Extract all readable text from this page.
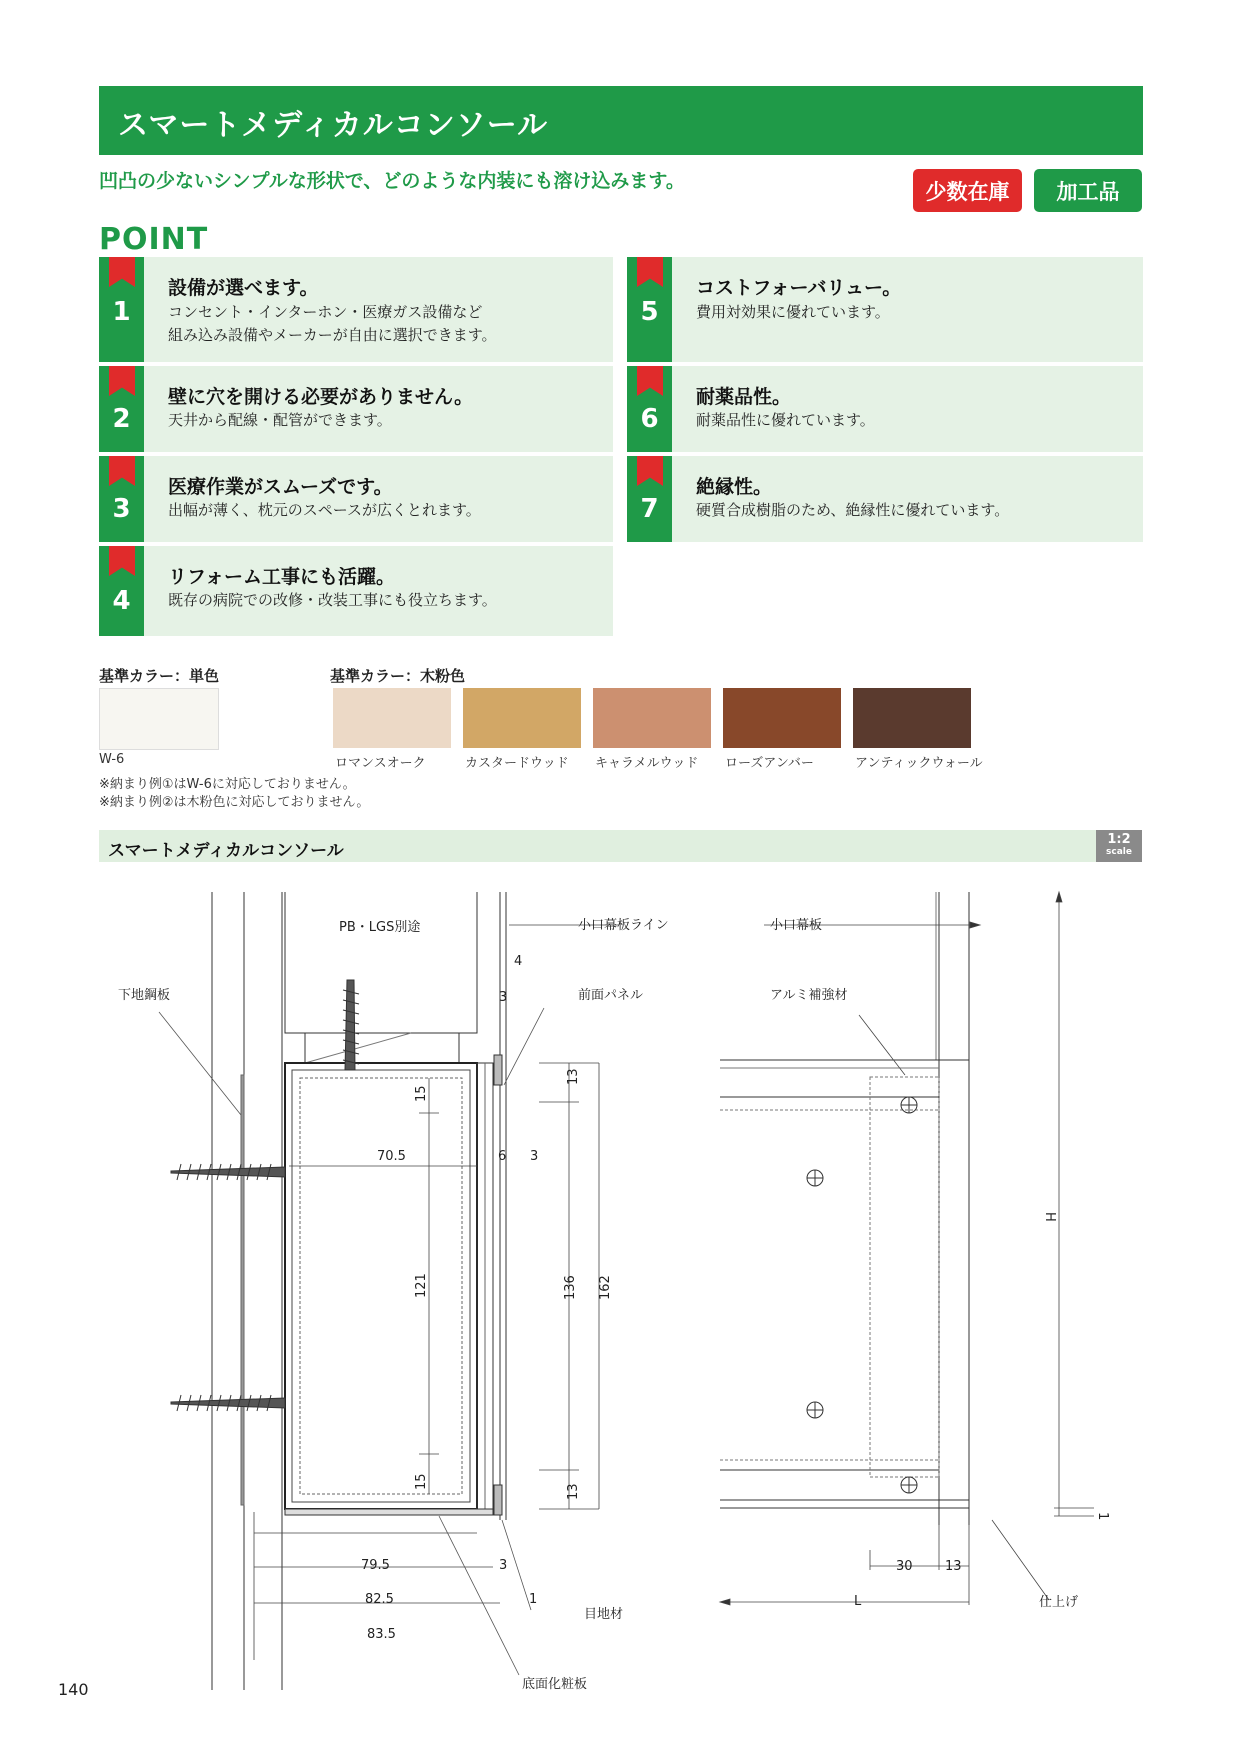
スマートメディカルコンソール
凹凸の少ないシンプルな形状で、どのような内装にも溶け込みます。	少数在庫	加工品
POINT
1
設備が選べます。
コンセント・インターホン・医療ガス設備など
組み込み設備やメーカーが自由に選択できます。
2
壁に穴を開ける必要がありません。
天井から配線・配管ができます。
3
医療作業がスムーズです。
出幅が薄く、枕元のスペースが広くとれます。
4
リフォーム工事にも活躍。
既存の病院での改修・改装工事にも役立ちます。
5
コストフォーバリュー。
費用対効果に優れています。
6
耐薬品性。
耐薬品性に優れています。
7
絶縁性。
硬質合成樹脂のため、絶縁性に優れています。
基準カラー：単色	基準カラー：木粉色
W-6	ロマンスオーク	カスタードウッド キャラメルウッド ローズアンバー	アンティックウォール
※納まり例①はW-6に対応しておりません。
※納まり例②は木粉色に対応しておりません。
スマートメディカルコンソール
1:2
scale
PB・LGS別途	小口幕板ライン
下地鋼板	前面パネル
目地材
底面化粧板
4
3
13
15
70.5	6 3
121	136 162
15
13
79.5	3
82.5	1
83.5
小口幕板
アルミ補強材
H
1
30 13
L	仕上げ
140
